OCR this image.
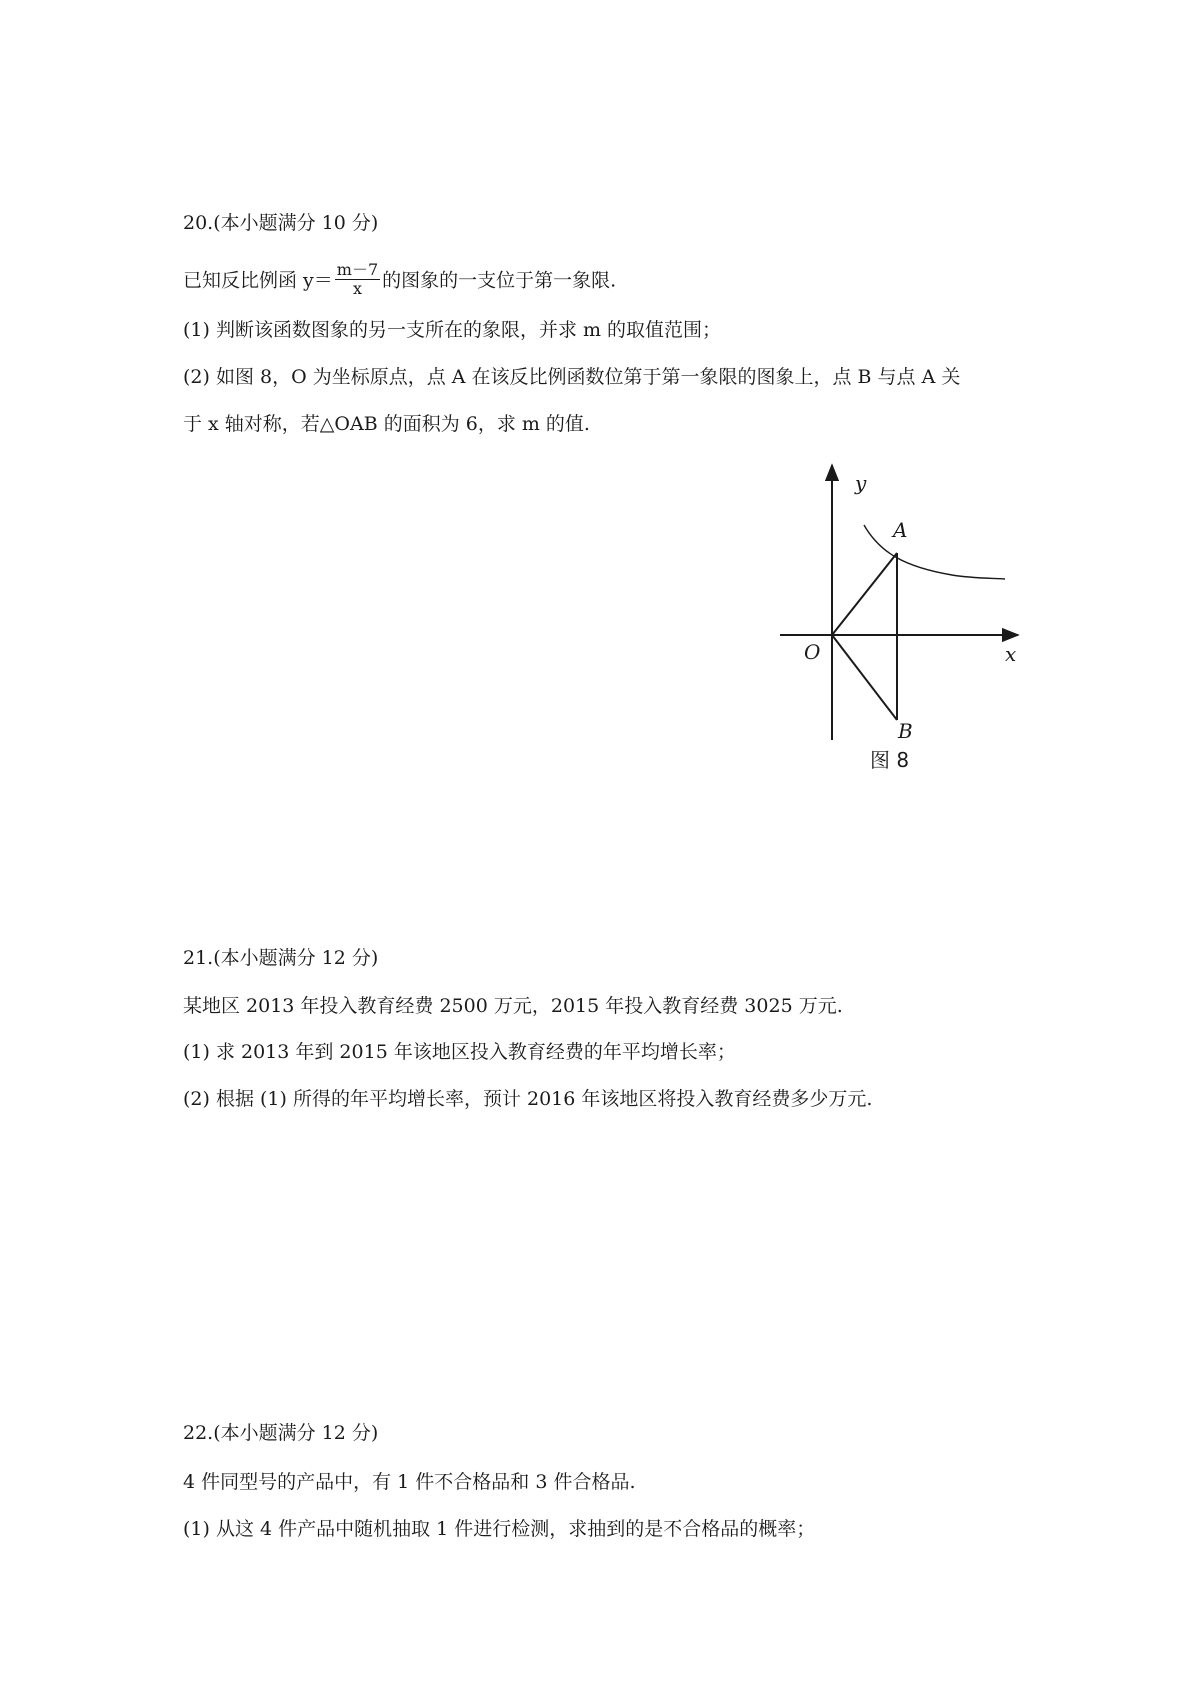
20.(本小题满分 10 分)
已知反比例函 $y= \frac{m-7}{x}$ 的图象的一支位于第一象限.
(1) 判断该函数图象的另一支所在的象限，并求 m 的取值范围；
(2) 如图 8，O 为坐标原点，点 A 在该反比例函数位第于第一象限的图象上，点 B 与点 A 关
于 x 轴对称，若△OAB 的面积为 6，求 m 的值.
y
x
O
A
B
图 8
21.(本小题满分 12 分)
某地区 2013 年投入教育经费 2500 万元，2015 年投入教育经费 3025 万元.
(1) 求 2013 年到 2015 年该地区投入教育经费的年平均增长率；
(2) 根据 (1) 所得的年平均增长率，预计 2016 年该地区将投入教育经费多少万元.
22.(本小题满分 12 分)
4 件同型号的产品中，有 1 件不合格品和 3 件合格品.
(1) 从这 4 件产品中随机抽取 1 件进行检测，求抽到的是不合格品的概率；
